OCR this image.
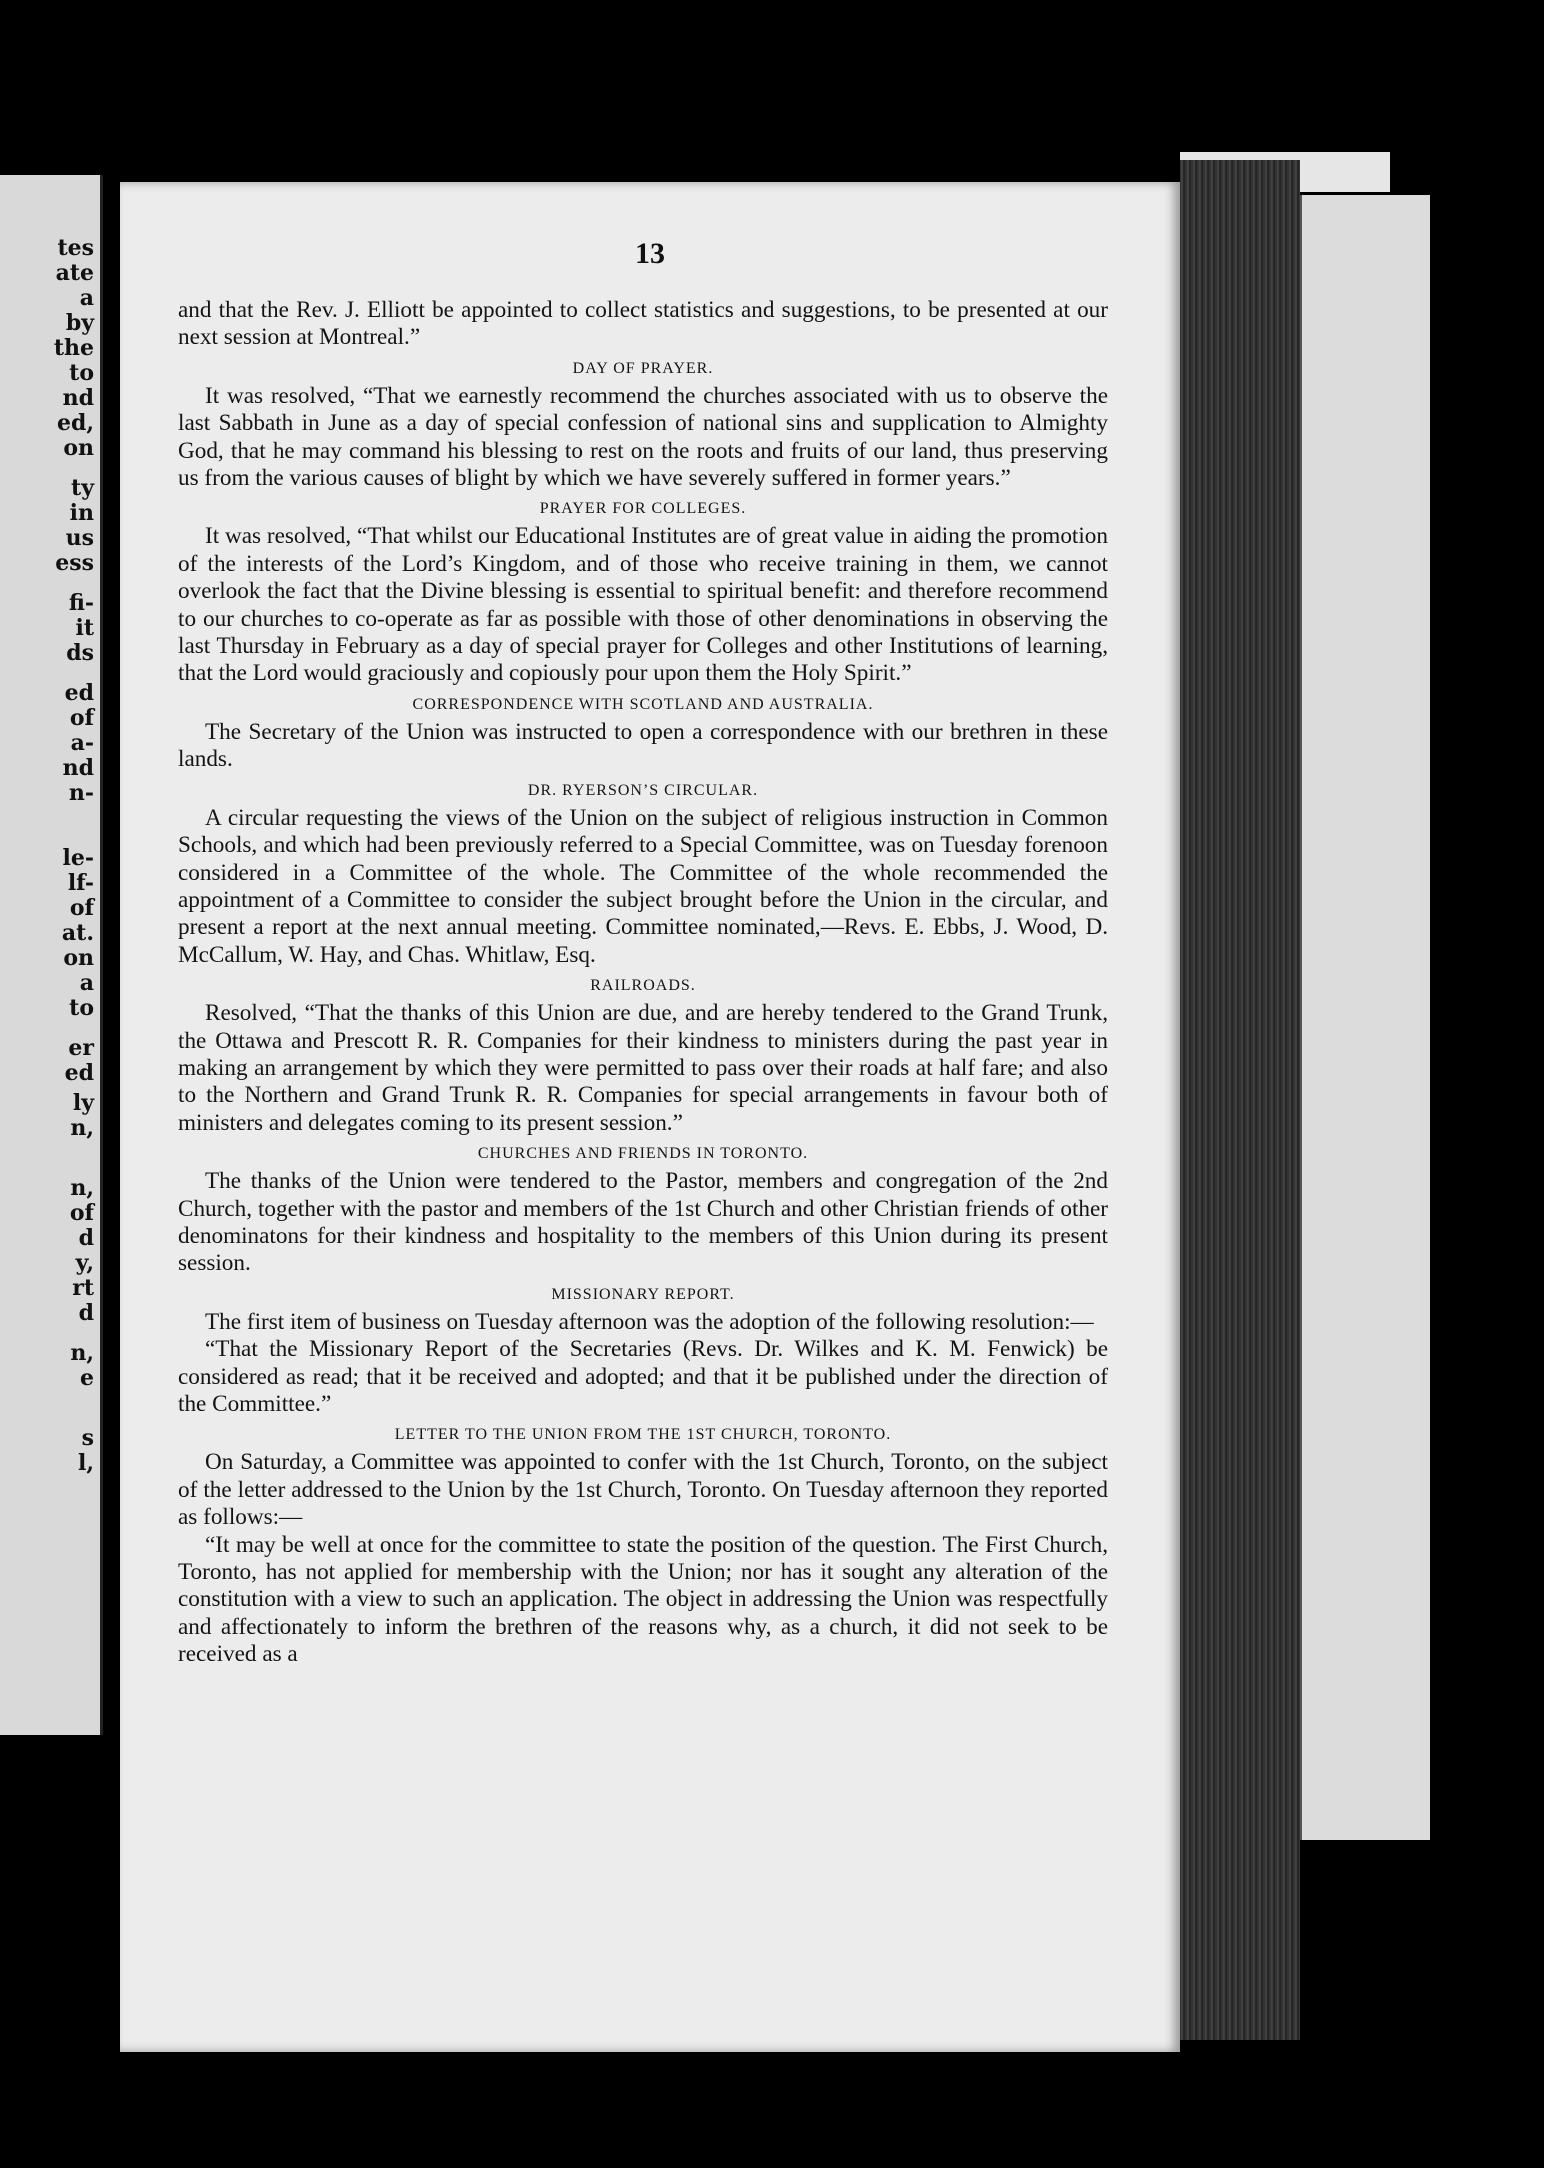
tes
ate
a
by
the
to
nd
ed,
on
ty
in
us
ess
fi-
it
ds
ed
of
a-
nd
n-
le-
lf-
of
at.
on
a
to
er
ed
ly
n,
n,
of
d
y,
rt
d
n,
e
s
l,
13

and that the Rev. J. Elliott be appointed to collect statistics and suggestions, to be presented at our next session at Montreal.”

DAY OF PRAYER.

It was resolved, “That we earnestly recommend the churches associated with us to observe the last Sabbath in June as a day of special confession of national sins and supplication to Almighty God, that he may command his blessing to rest on the roots and fruits of our land, thus preserving us from the various causes of blight by which we have severely suffered in former years.”

PRAYER FOR COLLEGES.

It was resolved, “That whilst our Educational Institutes are of great value in aiding the promotion of the interests of the Lord’s Kingdom, and of those who receive training in them, we cannot overlook the fact that the Divine blessing is essential to spiritual benefit: and therefore recommend to our churches to co-operate as far as possible with those of other denominations in observing the last Thursday in February as a day of special prayer for Colleges and other Institutions of learning, that the Lord would graciously and copiously pour upon them the Holy Spirit.”

CORRESPONDENCE WITH SCOTLAND AND AUSTRALIA.

The Secretary of the Union was instructed to open a correspondence with our brethren in these lands.

DR. RYERSON’S CIRCULAR.

A circular requesting the views of the Union on the subject of religious instruction in Common Schools, and which had been previously referred to a Special Committee, was on Tuesday forenoon considered in a Committee of the whole. The Committee of the whole recommended the appointment of a Committee to consider the subject brought before the Union in the circular, and present a report at the next annual meeting. Committee nominated,—Revs. E. Ebbs, J. Wood, D. McCallum, W. Hay, and Chas. Whitlaw, Esq.

RAILROADS.

Resolved, “That the thanks of this Union are due, and are hereby tendered to the Grand Trunk, the Ottawa and Prescott R. R. Companies for their kindness to ministers during the past year in making an arrangement by which they were permitted to pass over their roads at half fare; and also to the Northern and Grand Trunk R. R. Companies for special arrangements in favour both of ministers and delegates coming to its present session.”

CHURCHES AND FRIENDS IN TORONTO.

The thanks of the Union were tendered to the Pastor, members and congregation of the 2nd Church, together with the pastor and members of the 1st Church and other Christian friends of other denominatons for their kindness and hospitality to the members of this Union during its present session.

MISSIONARY REPORT.

The first item of business on Tuesday afternoon was the adoption of the following resolution:—

“That the Missionary Report of the Secretaries (Revs. Dr. Wilkes and K. M. Fenwick) be considered as read; that it be received and adopted; and that it be published under the direction of the Committee.”

LETTER TO THE UNION FROM THE 1ST CHURCH, TORONTO.

On Saturday, a Committee was appointed to confer with the 1st Church, Toronto, on the subject of the letter addressed to the Union by the 1st Church, Toronto. On Tuesday afternoon they reported as follows:—

“It may be well at once for the committee to state the position of the question. The First Church, Toronto, has not applied for membership with the Union; nor has it sought any alteration of the constitution with a view to such an application. The object in addressing the Union was respectfully and affectionately to inform the brethren of the reasons why, as a church, it did not seek to be received as a
